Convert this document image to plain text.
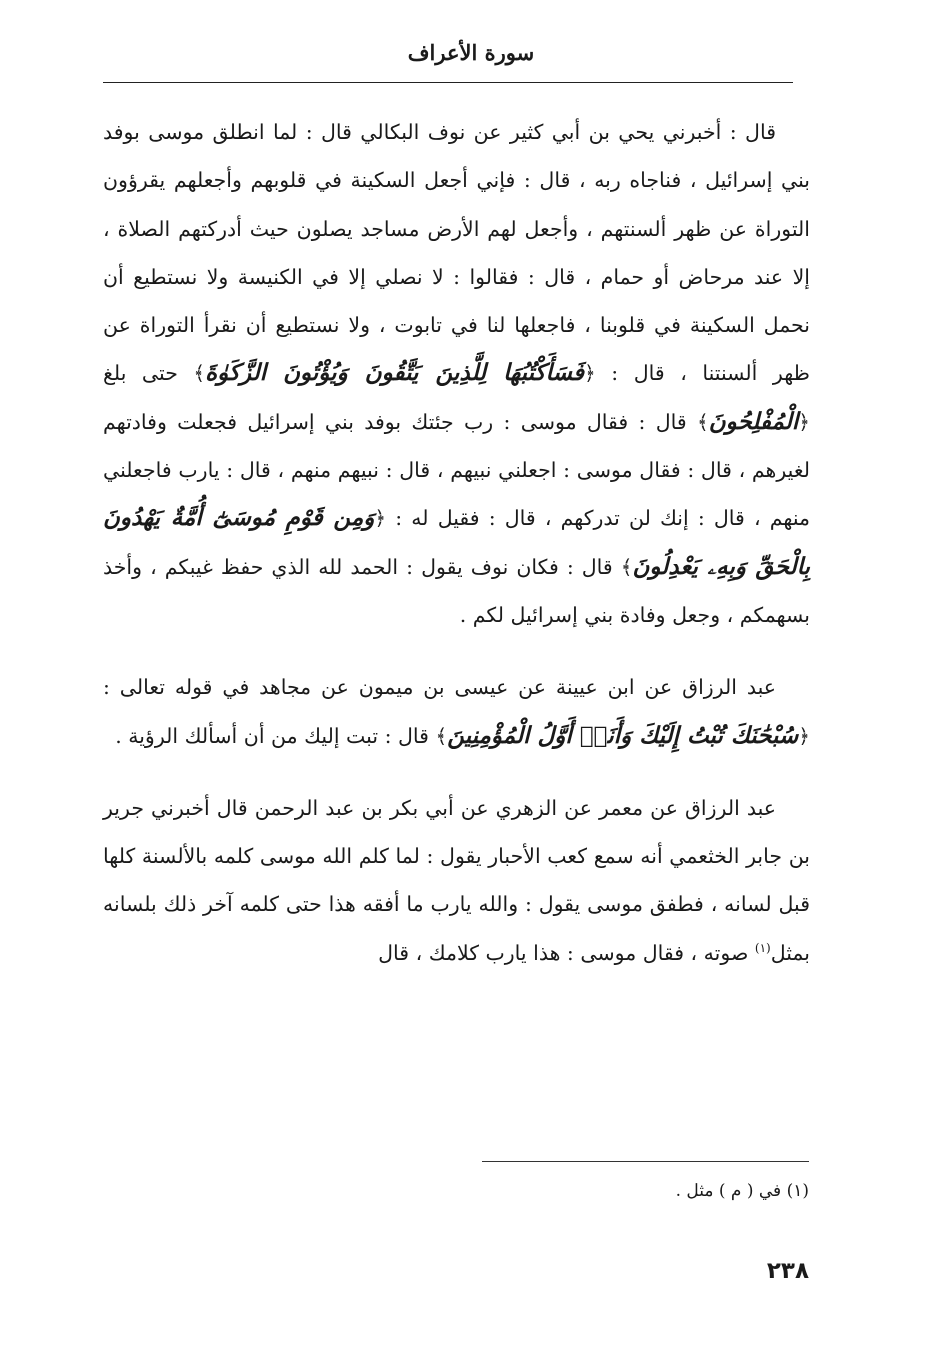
سورة الأعراف

قال : أخبرني يحي بن أبي كثير عن نوف البكالي قال : لما انطلق موسى بوفد بني إسرائيل ، فناجاه ربه ، قال : فإني أجعل السكينة في قلوبهم وأجعلهم يقرؤون التوراة عن ظهر ألسنتهم ، وأجعل لهم الأرض مساجد يصلون حيث أدركتهم الصلاة ، إلا عند مرحاض أو حمام ، قال : فقالوا : لا نصلي إلا في الكنيسة ولا نستطيع أن نحمل السكينة في قلوبنا ، فاجعلها لنا في تابوت ، ولا نستطيع أن نقرأ التوراة عن ظهر ألسنتنا ، قال : ﴿فَسَأَكْتُبُهَا لِلَّذِينَ يَتَّقُونَ وَيُؤْتُونَ الزَّكَوٰةَ﴾ حتى بلغ ﴿الْمُفْلِحُونَ﴾ قال : فقال موسى : رب جئتك بوفد بني إسرائيل فجعلت وفادتهم لغيرهم ، قال : فقال موسى : اجعلني نبيهم ، قال : نبيهم منهم ، قال : يارب فاجعلني منهم ، قال : إنك لن تدركهم ، قال : فقيل له : ﴿وَمِن قَوْمِ مُوسَىٰٓ أُمَّةٌ يَهْدُونَ بِالْحَقِّ وَبِهِۦ يَعْدِلُونَ﴾ قال : فكان نوف يقول : الحمد لله الذي حفظ غيبكم ، وأخذ بسهمكم ، وجعل وفادة بني إسرائيل لكم .

عبد الرزاق عن ابن عيينة عن عيسى بن ميمون عن مجاهد في قوله تعالى : ﴿سُبْحَٰنَكَ تُبْتُ إِلَيْكَ وَأَنَا۠ أَوَّلُ الْمُؤْمِنِينَ﴾ قال : تبت إليك من أن أسألك الرؤية .

عبد الرزاق عن معمر عن الزهري عن أبي بكر بن عبد الرحمن قال أخبرني جرير بن جابر الخثعمي أنه سمع كعب الأحبار يقول : لما كلم الله موسى كلمه بالألسنة كلها قبل لسانه ، فطفق موسى يقول : والله يارب ما أفقه هذا حتى كلمه آخر ذلك بلسانه بمثل$^{(١)}$ صوته ، فقال موسى : هذا يارب كلامك ، قال

(١) في ( م ) مثل .
٢٣٨
